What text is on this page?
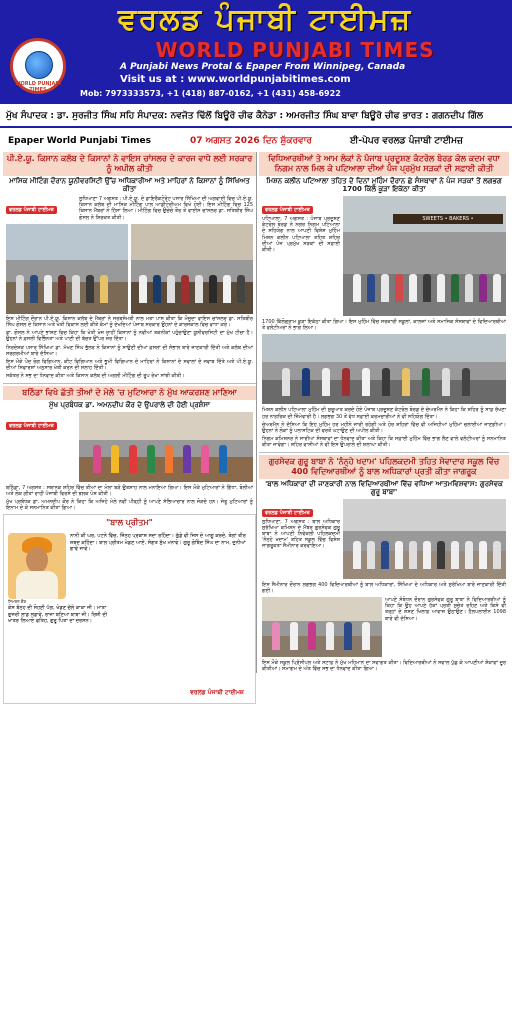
WORLD PUNJABI TIMES
ਵਰਲਡ ਪੰਜਾਬੀ ਟਾਈਮਜ਼
WORLD PUNJABI TIMES
A Punjabi News Protal & Epaper From Winnipeg, Canada
Visit us at : www.worldpunjabitimes.com
Mob: 7973333573, +1 (418) 887-0162, +1 (431) 458-6922
ਮੁੱਖ ਸੰਪਾਦਕ : ਡਾ. ਸੁਰਜੀਤ ਸਿੰਘ ਸਹਿ ਸੰਪਾਦਕ: ਨਵਜੋਤ ਢਿੱਲੋਂ ਬਿਊਰੋ ਚੀਫ ਕੈਨੇਡਾ : ਅਮਰਜੀਤ ਸਿੰਘ ਬਾਵਾ ਬਿਊਰੋ ਚੀਫ ਭਾਰਤ : ਗਗਨਦੀਪ ਗਿੱਲ
Epaper World Punjabi Times	07 ਅਗਸਤ 2026 ਦਿਨ ਸ਼ੁੱਕਰਵਾਰ	ਈ-ਪੇਪਰ ਵਰਲਡ ਪੰਜਾਬੀ ਟਾਈਮਜ਼
ਪੀ.ਏ.ਯੂ. ਕਿਸਾਨ ਕਲੱਬ ਦੇ ਕਿਸਾਨਾਂ ਨੇ ਵਾਇਸ ਚਾਂਸਲਰ ਦੇ ਕਾਰਜ ਵਾਧੇ ਲਈ ਸਰਕਾਰ ਨੂੰ ਅਪੀਲ ਕੀਤੀ
ਮਾਸਿਕ ਮੀਟਿੰਗ ਦੌਰਾਨ ਯੂਨੀਵਰਸਿਟੀ ਉੱਚ ਅਧਿਕਾਰੀਆਂ ਅਤੇ ਮਾਹਿਰਾਂ ਨੇ ਕਿਸਾਨਾਂ ਨੂੰ ਸਿੱਖਿਅਤ ਕੀਤਾ
ਵਰਲਡ ਪੰਜਾਬੀ ਟਾਈਮਜ਼
ਲੁਧਿਆਣਾ 7 ਅਗਸਤ : ਪੀ.ਏ.ਯੂ. ਦੇ ਡਾਇਰੈਕਟੋਰੇਟ ਪਸਾਰ ਸਿੱਖਿਆ ਦੀ ਅਗਵਾਈ ਵਿਚ ਪੀ.ਏ.ਯੂ. ਕਿਸਾਨ ਕਲੱਬ ਦੀ ਮਾਸਿਕ ਮੀਟਿੰਗ ਪਾਲ ਆਡੀਟੋਰੀਅਮ ਵਿਖੇ ਹੋਈ। ਇਸ ਮੀਟਿੰਗ ਵਿਚ 125 ਕਿਸਾਨ ਮੈਂਬਰਾਂ ਨੇ ਹਿੱਸਾ ਲਿਆ। ਮੀਟਿੰਗ ਵਿਚ ਉਚੇਚੇ ਤੌਰ ਤੇ ਵਾਈਸ ਚਾਂਸਲਰ ਡਾ. ਸਤਿਬੀਰ ਸਿੰਘ ਗੋਸਲ ਨੇ ਸ਼ਿਰਕਤ ਕੀਤੀ।
ਇਸ ਮੀਟਿੰਗ ਦੌਰਾਨ ਪੀ.ਏ.ਯੂ. ਕਿਸਾਨ ਕਲੱਬ ਦੇ ਮੈਂਬਰਾਂ ਨੇ ਸਰਬਸੰਮਤੀ ਨਾਲ ਮਤਾ ਪਾਸ ਕੀਤਾ ਕਿ ਮੌਜੂਦਾ ਵਾਇਸ ਚਾਂਸਲਰ ਡਾ. ਸਤਿਬੀਰ ਸਿੰਘ ਗੋਸਲ ਦੇ ਕਿਸਾਨ ਅਤੇ ਖੇਤੀ ਵਿਕਾਸ ਲਈ ਕੀਤੇ ਕੰਮਾਂ ਨੂੰ ਦੇਖਦਿਆਂ ਪੰਜਾਬ ਸਰਕਾਰ ਉਹਨਾਂ ਦੇ ਕਾਰਜਕਾਲ ਵਿਚ ਵਾਧਾ ਕਰੇ।
ਡਾ. ਗੋਸਲ ਨੇ ਆਪਣੇ ਭਾਸ਼ਣ ਵਿਚ ਕਿਹਾ ਕਿ ਖੇਤੀ ਖੋਜ ਰਾਹੀਂ ਕਿਸਾਨਾਂ ਨੂੰ ਨਵੀਆਂ ਤਕਨੀਕਾਂ ਪਹੁੰਚਾਉਣਾ ਯੂਨੀਵਰਸਿਟੀ ਦਾ ਮੁੱਖ ਟੀਚਾ ਹੈ। ਉਹਨਾਂ ਨੇ ਫ਼ਸਲੀ ਵਿਭਿੰਨਤਾ ਅਤੇ ਪਾਣੀ ਦੀ ਬੱਚਤ ਉੱਪਰ ਜ਼ੋਰ ਦਿੱਤਾ।
ਨਿਰਦੇਸ਼ਕ ਪਸਾਰ ਸਿੱਖਿਆ ਡਾ. ਮੱਖਣ ਸਿੰਘ ਭੁੱਲਰ ਨੇ ਕਿਸਾਨਾਂ ਨੂੰ ਸਾਉਣੀ ਦੀਆਂ ਫ਼ਸਲਾਂ ਦੀ ਸੰਭਾਲ ਬਾਰੇ ਜਾਣਕਾਰੀ ਦਿੱਤੀ ਅਤੇ ਕਲੱਬ ਦੀਆਂ ਸਰਗਰਮੀਆਂ ਬਾਰੇ ਦੱਸਿਆ।
ਇਸ ਮੌਕੇ ਪੌਦ ਰੋਗ ਵਿਗਿਆਨ, ਕੀਟ ਵਿਗਿਆਨ ਅਤੇ ਭੂਮੀ ਵਿਗਿਆਨ ਦੇ ਮਾਹਿਰਾਂ ਨੇ ਕਿਸਾਨਾਂ ਦੇ ਸਵਾਲਾਂ ਦੇ ਜਵਾਬ ਦਿੱਤੇ ਅਤੇ ਪੀ.ਏ.ਯੂ. ਦੀਆਂ ਸਿਫਾਰਸ਼ਾਂ ਅਨੁਸਾਰ ਖੇਤੀ ਕਰਨ ਦੀ ਸਲਾਹ ਦਿੱਤੀ।
ਸਕੱਤਰ ਨੇ ਸਭ ਦਾ ਧੰਨਵਾਦ ਕੀਤਾ ਅਤੇ ਕਿਸਾਨ ਕਲੱਬ ਦੀ ਅਗਲੀ ਮੀਟਿੰਗ ਦੀ ਰੂਪ ਰੇਖਾ ਸਾਂਝੀ ਕੀਤੀ।
ਬਠਿੰਡਾ ਵਿਖੇ ਛੱਤੀ ਤੀਆਂ ਦੇ ਮੇਲੇ 'ਚ ਮੁਟਿਆਰਾ ਨੇ ਮੁੱਖ ਆਕਰਸ਼ਣ ਮਾਣਿਆ
ਮੁੱਖ ਪ੍ਰਬੰਧਕ ਡਾ. ਅਮਨਦੀਪ ਕੌਰ ਦੇ ਉਪਰਾਲੇ ਦੀ ਹੋਈ ਪ੍ਰਸ਼ੰਸਾ
ਵਰਲਡ ਪੰਜਾਬੀ ਟਾਈਮਜ਼
ਬਠਿੰਡਾ, 7 ਅਗਸਤ : ਸਥਾਨਕ ਸ਼ਹਿਰ ਵਿੱਚ ਤੀਆਂ ਦਾ ਮੇਲਾ ਬੜੇ ਉਤਸ਼ਾਹ ਨਾਲ ਮਨਾਇਆ ਗਿਆ। ਇਸ ਮੌਕੇ ਮੁਟਿਆਰਾਂ ਨੇ ਗਿੱਧਾ, ਬੋਲੀਆਂ ਅਤੇ ਲੋਕ ਗੀਤਾਂ ਰਾਹੀਂ ਪੰਜਾਬੀ ਵਿਰਸੇ ਦੀ ਝਲਕ ਪੇਸ਼ ਕੀਤੀ।
ਮੁੱਖ ਪ੍ਰਬੰਧਕ ਡਾ. ਅਮਨਦੀਪ ਕੌਰ ਨੇ ਕਿਹਾ ਕਿ ਅਜਿਹੇ ਮੇਲੇ ਨਵੀਂ ਪੀੜ੍ਹੀ ਨੂੰ ਆਪਣੇ ਸੱਭਿਆਚਾਰ ਨਾਲ ਜੋੜਦੇ ਹਨ। ਜੇਤੂ ਮੁਟਿਆਰਾਂ ਨੂੰ ਇਨਾਮ ਦੇ ਕੇ ਸਨਮਾਨਿਤ ਕੀਤਾ ਗਿਆ।
"ਬਾਲ ਪ੍ਰੀਤਮ"
ਸਿਮਰਨ ਕੌਰ
ਨਾਨੀ ਕੀ ਘਰ, ਪਟਨੇ ਵਿੱਚ, ਜਿੰਨ੍ਹ ਪ੍ਰਕਾਸ਼ ਸਦਾ ਰਹਿੰਦਾ। ਗੁੱਡੇ ਵੀ ਜਿਸ ਦੇ ਆਗੂ ਕਰਦੇ, ਤੇਗਾਂ ਤੀਰ ਸ਼ਬਦ ਕਹਿੰਦਾ। ਬਾਲ ਪ੍ਰੀਤਮ ਖੇਡਣ ਆਏ, ਸੰਗਤ ਸੁੱਖ ਮਨਾਵੇ। ਗੁਰੂ ਗੋਬਿੰਦ ਸਿੰਘ ਦਾ ਨਾਮ, ਦੁਨੀਆਂ ਗਾਵੇ ਜਾਵੇ।
ਕੇਸ ਬੰਨ੍ਹ ਦੀ ਸੋਹਣੀ ਪੱਗ, ਖੇਡਣ ਚੱਲੇ ਕਾਕਾ ਜੀ। ਮਾਤਾ ਗੁਜਰੀ ਲਾਡ ਲਡਾਵੇ, ਰਾਜਾ ਬਣਿਆ ਬਾਬਾ ਜੀ। ਰਿਸ਼ੀ ਦੀ ਖਾਤਰ ਲਿਆਏ ਫਤਿਹ, ਗੁਰੂ ਪਿਤਾ ਦਾ ਦਰਸਨ।
ਵਰਲਡ ਪੰਜਾਬੀ ਟਾਈਮਜ਼
ਵਿਧਿਆਰਥੀਆਂ ਤੇ ਆਮ ਲੋਕਾਂ ਨੇ ਪੰਜਾਬ ਪ੍ਰਦੂਸ਼ਣ ਕੰਟਰੋਲ ਬੋਰਡ ਕੋਲ ਕਦਮ ਵਧਾ ਨਿਗਮ ਨਾਲ ਮਿਲ ਕੇ ਪਟਿਆਲਾ ਦੀਆਂ ਪੰਜ ਪ੍ਰਮੁੱਖ ਸੜਕਾਂ ਦੀ ਸਫ਼ਾਈ ਕੀਤੀ
ਮਿਸ਼ਨ ਕਲੀਨ ਪਟਿਆਲਾ ਤਹਿਤ ਦੋ ਦਿਨਾਂ ਮੁਹਿੰਮ ਦੌਰਾਨ ਛੇ ਸੰਸਥਾਵਾਂ ਨੇ ਪੰਜ ਸੜਕਾਂ ਤੋਂ ਲਗਭਗ 1700 ਕਿੱਲੋ ਕੂੜਾ ਇਕੱਠਾ ਕੀਤਾ
ਵਰਲਡ ਪੰਜਾਬੀ ਟਾਈਮਜ਼
ਪਟਿਆਲਾ, 7 ਅਗਸਤ : ਪੰਜਾਬ ਪ੍ਰਦੂਸ਼ਣ ਕੰਟਰੋਲ ਬੋਰਡ ਨੇ ਨਗਰ ਨਿਗਮ ਪਟਿਆਲਾ ਦੇ ਸਹਿਯੋਗ ਨਾਲ ਆਪਣੀ ਵਿਸ਼ੇਸ਼ ਮੁਹਿੰਮ ਮਿਸ਼ਨ ਕਲੀਨ ਪਟਿਆਲਾ ਤਹਿਤ ਸ਼ਹਿਰ ਦੀਆਂ ਪੰਜ ਪ੍ਰਮੁੱਖ ਸੜਕਾਂ ਦੀ ਸਫ਼ਾਈ ਕੀਤੀ।
SWEETS • BAKERS •
1700 ਕਿੱਲੋਗ੍ਰਾਮ ਕੂੜਾ ਇਕੱਠਾ ਕੀਤਾ ਗਿਆ। ਇਸ ਮੁਹਿੰਮ ਵਿੱਚ ਸਰਕਾਰੀ ਸਕੂਲਾਂ, ਕਾਲਜਾਂ ਅਤੇ ਸਮਾਜਿਕ ਸੰਸਥਾਵਾਂ ਦੇ ਵਿਦਿਆਰਥੀਆਂ ਤੇ ਵਲੰਟੀਅਰਾਂ ਨੇ ਭਾਗ ਲਿਆ।
ਮਿਸ਼ਨ ਕਲੀਨ ਪਟਿਆਲਾ ਮੁਹਿੰਮ ਦੀ ਸ਼ੁਰੂਆਤ ਕਰਦੇ ਹੋਏ ਪੰਜਾਬ ਪ੍ਰਦੂਸ਼ਣ ਕੰਟਰੋਲ ਬੋਰਡ ਦੇ ਚੇਅਰਮੈਨ ਨੇ ਕਿਹਾ ਕਿ ਸ਼ਹਿਰ ਨੂੰ ਸਾਫ਼ ਰੱਖਣਾ ਹਰ ਨਾਗਰਿਕ ਦੀ ਜ਼ਿੰਮੇਵਾਰੀ ਹੈ। ਲਗਭਗ 30 ਤੋਂ ਵੱਧ ਸਫ਼ਾਈ ਕਰਮਚਾਰੀਆਂ ਨੇ ਵੀ ਸਹਿਯੋਗ ਦਿੱਤਾ।
ਚੇਅਰਮੈਨ ਨੇ ਦੱਸਿਆ ਕਿ ਇਹ ਮੁਹਿੰਮ ਹਰ ਮਹੀਨੇ ਜਾਰੀ ਰਹੇਗੀ ਅਤੇ ਹੋਰ ਸ਼ਹਿਰਾਂ ਵਿੱਚ ਵੀ ਅਜਿਹੀਆਂ ਮੁਹਿੰਮਾਂ ਚਲਾਈਆਂ ਜਾਣਗੀਆਂ। ਉਹਨਾਂ ਨੇ ਲੋਕਾਂ ਨੂੰ ਪਲਾਸਟਿਕ ਦੀ ਵਰਤੋਂ ਘਟਾਉਣ ਦੀ ਅਪੀਲ ਕੀਤੀ।
ਨਿਗਮ ਕਮਿਸ਼ਨਰ ਨੇ ਸਾਰੀਆਂ ਸੰਸਥਾਵਾਂ ਦਾ ਧੰਨਵਾਦ ਕੀਤਾ ਅਤੇ ਕਿਹਾ ਕਿ ਸਫ਼ਾਈ ਮੁਹਿੰਮ ਵਿੱਚ ਭਾਗ ਲੈਣ ਵਾਲੇ ਵਲੰਟੀਅਰਾਂ ਨੂੰ ਸਨਮਾਨਿਤ ਕੀਤਾ ਜਾਵੇਗਾ। ਸ਼ਹਿਰ ਵਾਸੀਆਂ ਨੇ ਵੀ ਇਸ ਉਪਰਾਲੇ ਦੀ ਸ਼ਲਾਘਾ ਕੀਤੀ।
ਗੁਰਸੇਵਕ ਗੁਰੂ ਬਾਬਾ ਨੇ 'ਨੰਨ੍ਹੇ ਖਦਾਮ' ਪਹਿਲਕਦਮੀ ਤਹਿਤ ਸੇਵਾਦਾਰ ਸਕੂਲ ਵਿੱਚ 400 ਵਿਦਿਆਰਥੀਆਂ ਨੂੰ ਬਾਲ ਅਧਿਕਾਰਾਂ ਪ੍ਰਤੀ ਕੀਤਾ ਜਾਗਰੂਕ
'ਬਾਲ ਅਧਿਕਾਰਾਂ ਦੀ ਜਾਣਕਾਰੀ ਨਾਲ ਵਿਦਿਆਰਥੀਆਂ ਵਿੱਚ ਵਧਿਆ ਆਤਮਵਿਸ਼ਵਾਸ: ਗੁਰਸੇਵਕ ਗੁਰੂ ਬਾਬਾ'
ਵਰਲਡ ਪੰਜਾਬੀ ਟਾਈਮਜ਼
ਲੁਧਿਆਣਾ, 7 ਅਗਸਤ : ਬਾਲ ਅਧਿਕਾਰ ਸੁਰੱਖਿਆ ਕਮਿਸ਼ਨ ਦੇ ਮੈਂਬਰ ਗੁਰਸੇਵਕ ਗੁਰੂ ਬਾਬਾ ਨੇ ਆਪਣੀ ਨਿਵੇਕਲੀ ਪਹਿਲਕਦਮੀ 'ਨੰਨ੍ਹੇ ਖਦਾਮ' ਤਹਿਤ ਸਕੂਲ ਵਿੱਚ ਵਿਸ਼ੇਸ਼ ਜਾਗਰੂਕਤਾ ਸੈਮੀਨਾਰ ਕਰਵਾਇਆ।
ਇਸ ਸੈਮੀਨਾਰ ਦੌਰਾਨ ਲਗਭਗ 400 ਵਿਦਿਆਰਥੀਆਂ ਨੂੰ ਬਾਲ ਅਧਿਕਾਰਾਂ, ਸਿੱਖਿਆ ਦੇ ਅਧਿਕਾਰ ਅਤੇ ਸੁਰੱਖਿਆ ਬਾਰੇ ਜਾਣਕਾਰੀ ਦਿੱਤੀ ਗਈ।
ਆਪਣੇ ਸੰਬੋਧਨ ਦੌਰਾਨ ਗੁਰਸੇਵਕ ਗੁਰੂ ਬਾਬਾ ਨੇ ਵਿਦਿਆਰਥੀਆਂ ਨੂੰ ਕਿਹਾ ਕਿ ਉਹ ਆਪਣੇ ਹੱਕਾਂ ਪ੍ਰਤੀ ਸੁਚੇਤ ਰਹਿਣ ਅਤੇ ਕਿਸੇ ਵੀ ਤਰ੍ਹਾਂ ਦੇ ਸ਼ੋਸ਼ਣ ਖਿਲਾਫ਼ ਆਵਾਜ਼ ਉਠਾਉਣ। ਹੈਲਪਲਾਈਨ 1098 ਬਾਰੇ ਵੀ ਦੱਸਿਆ।
ਇਸ ਮੌਕੇ ਸਕੂਲ ਪ੍ਰਿੰਸੀਪਲ ਅਤੇ ਸਟਾਫ਼ ਨੇ ਮੁੱਖ ਮਹਿਮਾਨ ਦਾ ਸਵਾਗਤ ਕੀਤਾ। ਵਿਦਿਆਰਥੀਆਂ ਨੇ ਸਵਾਲ ਪੁੱਛ ਕੇ ਆਪਣੀਆਂ ਸ਼ੰਕਾਵਾਂ ਦੂਰ ਕੀਤੀਆਂ। ਸਮਾਗਮ ਦੇ ਅੰਤ ਵਿੱਚ ਸਭ ਦਾ ਧੰਨਵਾਦ ਕੀਤਾ ਗਿਆ।
